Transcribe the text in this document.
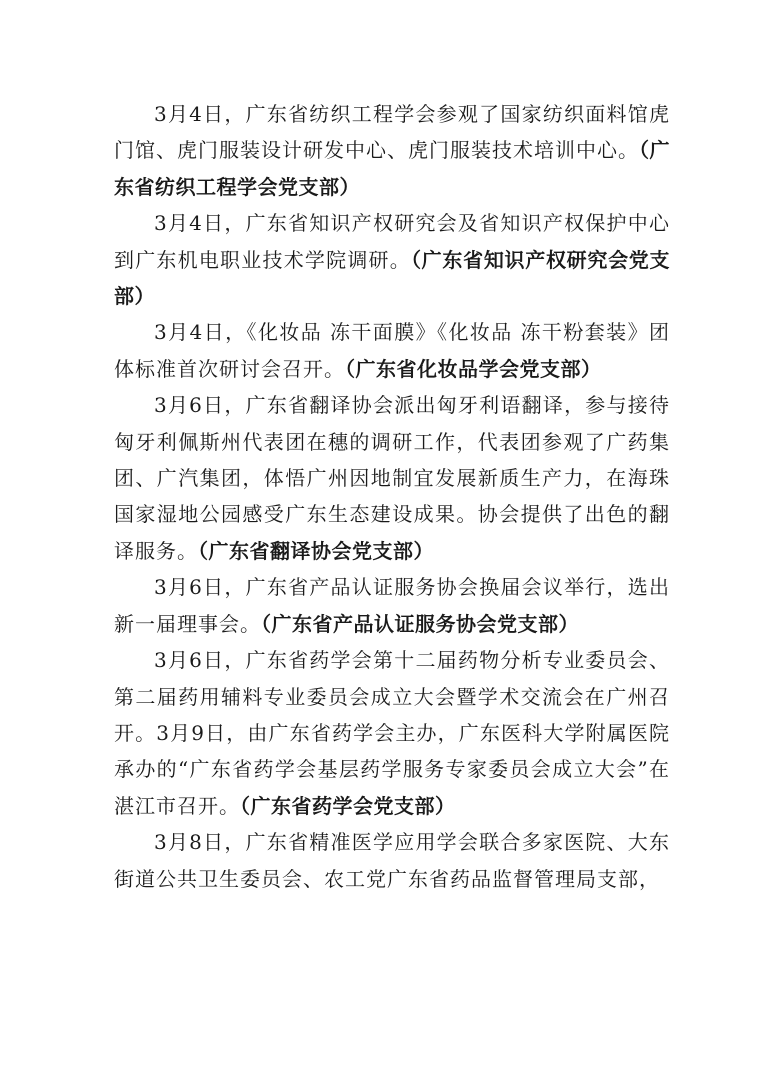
3月4日，广东省纺织工程学会参观了国家纺织面料馆虎门馆、虎门服装设计研发中心、虎门服装技术培训中心。（广东省纺织工程学会党支部）

3月4日，广东省知识产权研究会及省知识产权保护中心到广东机电职业技术学院调研。（广东省知识产权研究会党支部）

3月4日，《化妆品 冻干面膜》《化妆品 冻干粉套装》团体标准首次研讨会召开。（广东省化妆品学会党支部）

3月6日，广东省翻译协会派出匈牙利语翻译，参与接待匈牙利佩斯州代表团在穗的调研工作，代表团参观了广药集团、广汽集团，体悟广州因地制宜发展新质生产力，在海珠国家湿地公园感受广东生态建设成果。协会提供了出色的翻译服务。（广东省翻译协会党支部）

3月6日，广东省产品认证服务协会换届会议举行，选出新一届理事会。（广东省产品认证服务协会党支部）

3月6日，广东省药学会第十二届药物分析专业委员会、第二届药用辅料专业委员会成立大会暨学术交流会在广州召开。3月9日，由广东省药学会主办，广东医科大学附属医院承办的“广东省药学会基层药学服务专家委员会成立大会”在湛江市召开。（广东省药学会党支部）

3月8日，广东省精准医学应用学会联合多家医院、大东街道公共卫生委员会、农工党广东省药品监督管理局支部，
